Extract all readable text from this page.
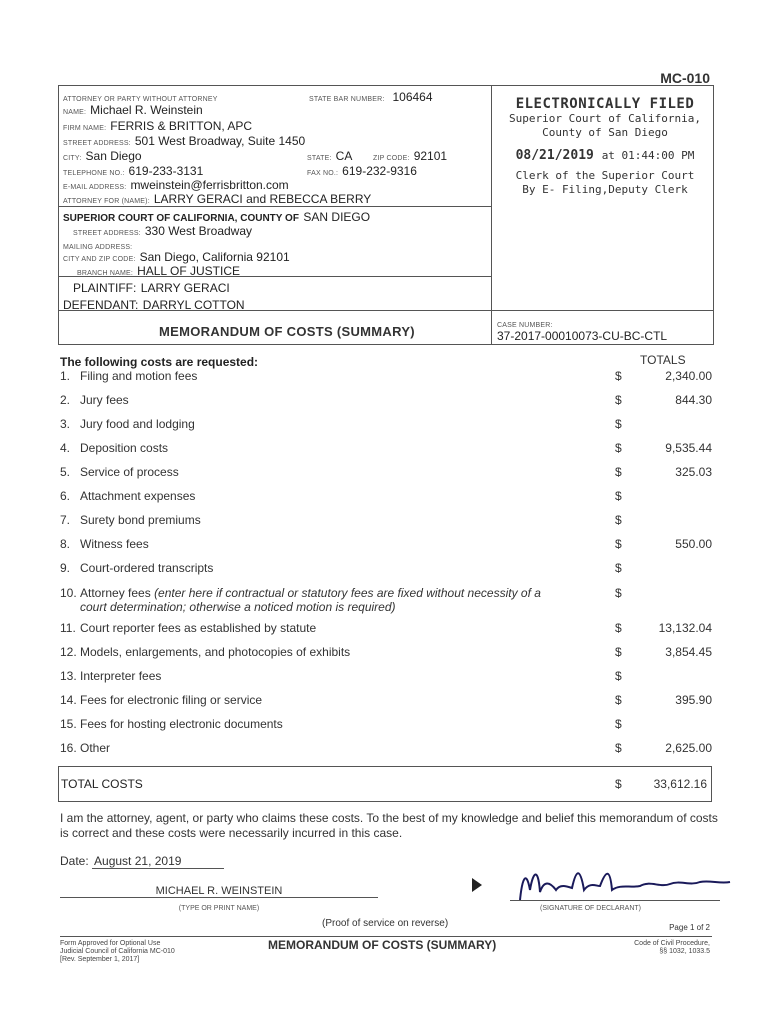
MC-010
ATTORNEY OR PARTY WITHOUT ATTORNEY	STATE BAR NUMBER: 106464
NAME: Michael R. Weinstein
FIRM NAME: FERRIS & BRITTON, APC
STREET ADDRESS: 501 West Broadway, Suite 1450
CITY: San Diego	STATE: CA	ZIP CODE: 92101
TELEPHONE NO.: 619-233-3131	FAX NO.: 619-232-9316
E-MAIL ADDRESS: mweinstein@ferrisbritton.com
ATTORNEY FOR (NAME): LARRY GERACI and REBECCA BERRY
ELECTRONICALLY FILED
Superior Court of California,
County of San Diego
08/21/2019 at 01:44:00 PM
Clerk of the Superior Court
By E- Filing,Deputy Clerk
SUPERIOR COURT OF CALIFORNIA, COUNTY OF SAN DIEGO
STREET ADDRESS: 330 West Broadway
MAILING ADDRESS:
CITY AND ZIP CODE: San Diego, California 92101
BRANCH NAME: HALL OF JUSTICE
PLAINTIFF: LARRY GERACI
DEFENDANT: DARRYL COTTON
MEMORANDUM OF COSTS (SUMMARY)	CASE NUMBER:
37-2017-00010073-CU-BC-CTL
The following costs are requested:	TOTALS
1. Filing and motion fees	$	2,340.00
2. Jury fees	$	844.30
3. Jury food and lodging	$
4. Deposition costs	$	9,535.44
5. Service of process	$	325.03
6. Attachment expenses	$
7. Surety bond premiums	$
8. Witness fees	$	550.00
9. Court-ordered transcripts	$
10. Attorney fees (enter here if contractual or statutory fees are fixed without necessity of a court determination; otherwise a noticed motion is required)
$
11. Court reporter fees as established by statute	$	13,132.04
12. Models, enlargements, and photocopies of exhibits	$	3,854.45
13. Interpreter fees	$
14. Fees for electronic filing or service	$	395.90
15. Fees for hosting electronic documents	$
16. Other	$	2,625.00
TOTAL COSTS	$	33,612.16
I am the attorney, agent, or party who claims these costs. To the best of my knowledge and belief this memorandum of costs is correct and these costs were necessarily incurred in this case.
Date: August 21, 2019
MICHAEL R. WEINSTEIN
(TYPE OR PRINT NAME)	(SIGNATURE OF DECLARANT)
(Proof of service on reverse)	Page 1 of 2
Form Approved for Optional Use
Judicial Council of California MC-010
[Rev. September 1, 2017]
MEMORANDUM OF COSTS (SUMMARY)	Code of Civil Procedure,
§§ 1032, 1033.5
